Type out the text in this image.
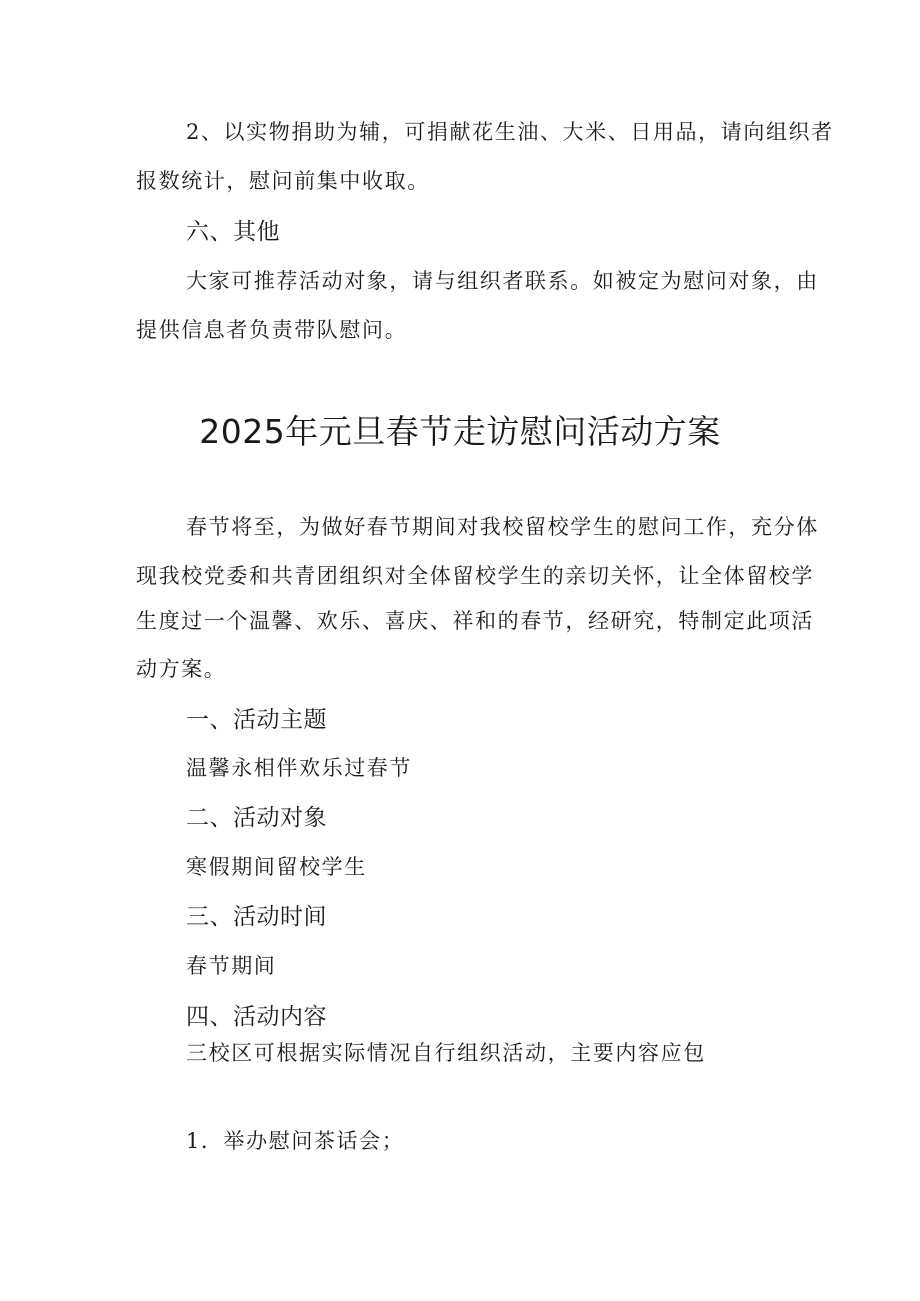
2、以实物捐助为辅，可捐献花生油、大米、日用品，请向组织者
报数统计，慰问前集中收取。
六、其他
大家可推荐活动对象，请与组织者联系。如被定为慰问对象，由
提供信息者负责带队慰问。
2025年元旦春节走访慰问活动方案
春节将至，为做好春节期间对我校留校学生的慰问工作，充分体
现我校党委和共青团组织对全体留校学生的亲切关怀，让全体留校学
生度过一个温馨、欢乐、喜庆、祥和的春节，经研究，特制定此项活
动方案。
一、活动主题
温馨永相伴欢乐过春节
二、活动对象
寒假期间留校学生
三、活动时间
春节期间
四、活动内容
三校区可根据实际情况自行组织活动，主要内容应包
1．举办慰问茶话会；
